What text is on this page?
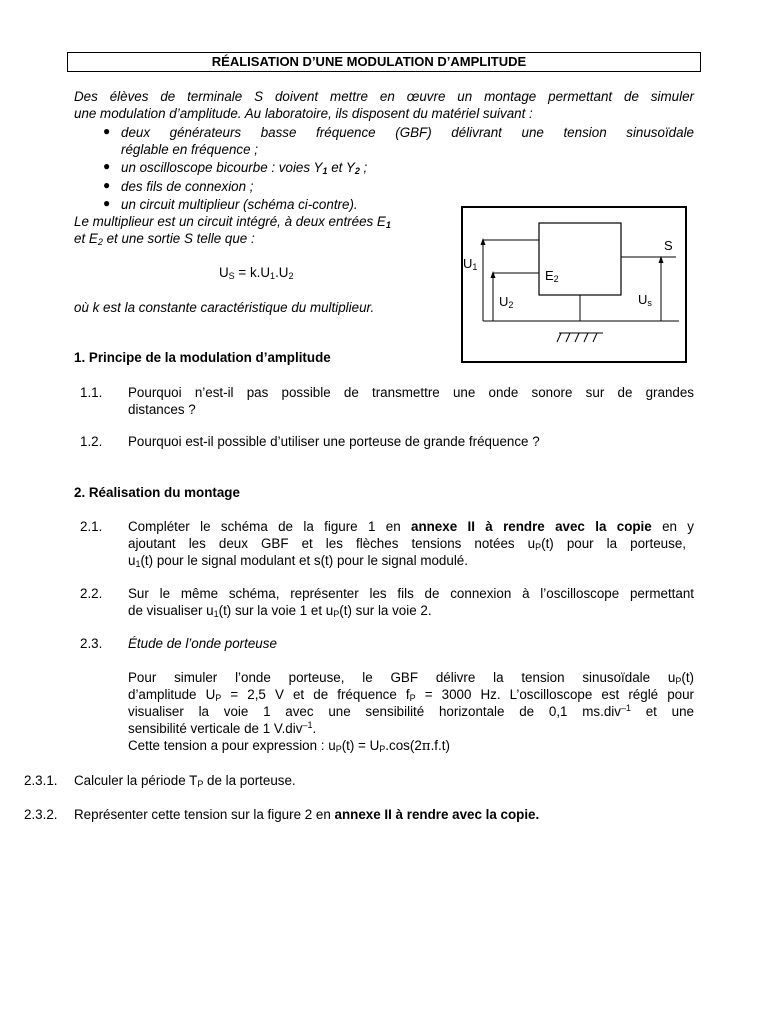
RÉALISATION D’UNE MODULATION D’AMPLITUDE
Des élèves de terminale S doivent mettre en œuvre un montage permettant de simuler
une modulation d’amplitude. Au laboratoire, ils disposent du matériel suivant :
● deux générateurs basse fréquence (GBF) délivrant une tension sinusoïdale
réglable en fréquence ;
● un oscilloscope bicourbe : voies $Y_1$ et $Y_2$ ;
● des fils de connexion ;
● un circuit multiplieur (schéma ci-contre).
Le multiplieur est un circuit intégré, à deux entrées $E_1$
et $E_2$ et une sortie S telle que :
$U_S = k.U_1.U_2$
où k est la constante caractéristique du multiplieur.
S
$U_1$
$E_2$
$U_2$	$U_s$
1. Principe de la modulation d’amplitude
1.1. Pourquoi n’est-il pas possible de transmettre une onde sonore sur de grandes
distances ?
1.2. Pourquoi est-il possible d’utiliser une porteuse de grande fréquence ?
2. Réalisation du montage
2.1. Compléter le schéma de la figure 1 en annexe II à rendre avec la copie en y
ajoutant les deux GBF et les flèches tensions notées $u_P(t)$ pour la porteuse,
$u_1(t)$ pour le signal modulant et s(t) pour le signal modulé.
2.2. Sur le même schéma, représenter les fils de connexion à l’oscilloscope permettant
de visualiser $u_1(t)$ sur la voie 1 et $u_P(t)$ sur la voie 2.
2.3. Étude de l’onde porteuse
Pour simuler l’onde porteuse, le GBF délivre la tension sinusoïdale $u_P(t)$
d’amplitude $U_P = 2,5$ V et de fréquence $f_P = 3000$ Hz. L’oscilloscope est réglé pour
visualiser la voie 1 avec une sensibilité horizontale de 0,1 ms.div$^{-1}$ et une
sensibilité verticale de 1 V.div$^{-1}$.
Cette tension a pour expression : $u_P(t) = U_P.\cos(2\pi.f.t)$
2.3.1. Calculer la période $T_P$ de la porteuse.
2.3.2. Représenter cette tension sur la figure 2 en annexe II à rendre avec la copie.
